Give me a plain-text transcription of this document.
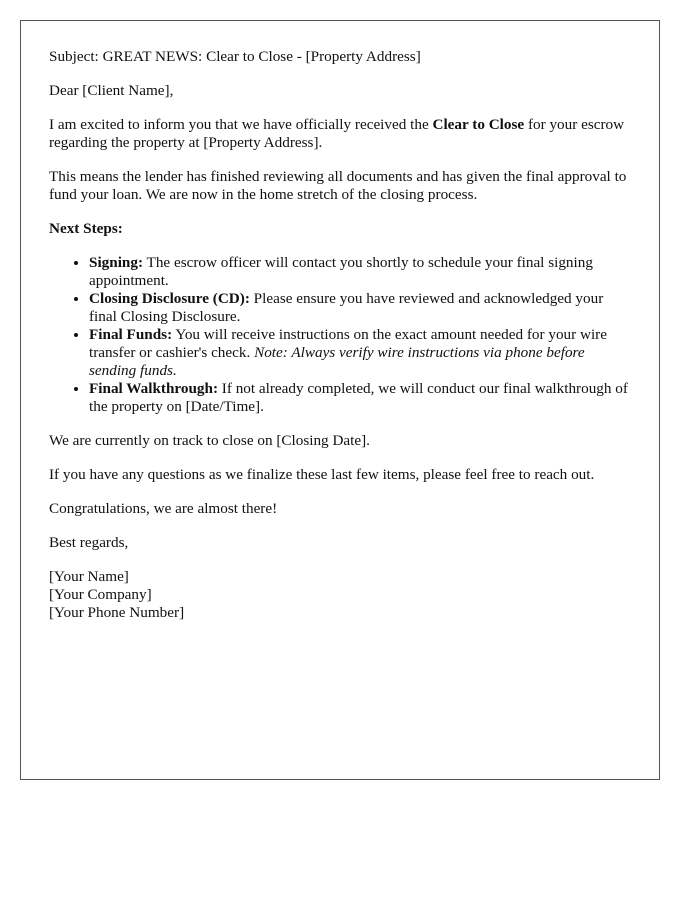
Subject: GREAT NEWS: Clear to Close - [Property Address]

Dear [Client Name],

I am excited to inform you that we have officially received the Clear to Close for your escrow regarding the property at [Property Address].

This means the lender has finished reviewing all documents and has given the final approval to fund your loan. We are now in the home stretch of the closing process.

Next Steps:

• Signing: The escrow officer will contact you shortly to schedule your final signing appointment.
• Closing Disclosure (CD): Please ensure you have reviewed and acknowledged your final Closing Disclosure.
• Final Funds: You will receive instructions on the exact amount needed for your wire transfer or cashier's check. Note: Always verify wire instructions via phone before sending funds.
• Final Walkthrough: If not already completed, we will conduct our final walkthrough of the property on [Date/Time].

We are currently on track to close on [Closing Date].

If you have any questions as we finalize these last few items, please feel free to reach out.

Congratulations, we are almost there!

Best regards,

[Your Name]
[Your Company]
[Your Phone Number]
